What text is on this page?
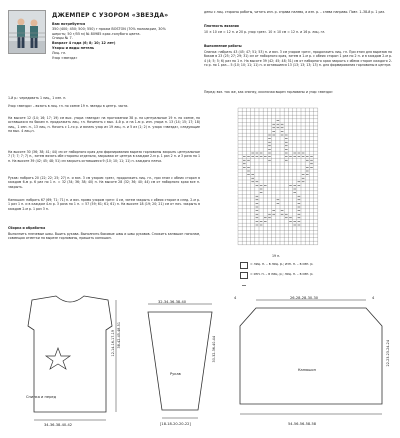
ДЖЕМПЕР С УЗОРОМ «ЗВЕЗДА»
Вам потребуется
350 (400; 450; 500; 550) г пряжи BOSTON (70% полиакрил, 30% шерсть; 50 г/55 м) № 80985 крас-голубого цвета.
Спицы № 7.
Возраст 4 года (6; 8; 10; 12 лет)
Узоры и виды петель
Лиц. гл.
Узор «звезда»
1-й р.: чередовать 1 лиц., 1 изн. п.
Узор «звезда» – вязать в лиц. гл. по схеме 19 п. звезды в центр. части.
На высоте 12 (14; 16; 17; 19) см выс. узора «звезда» на протяжении 38 р. на центральные 19 п. по схеме, на оставшихся по бокам п. продолжать лиц. гл. Начинать с выс. 4-й р. и на 1-м р. изн. узора п. 13 (14; 15; 17; 18) лиц., 1 изн. п., 13 лиц. п. Начать с 1-го р. и вязать узор из 19 лиц. п. и 5 из (1; 2) п. узора «звезда», следующие на выс. 4 лиц.п.
На высоте 30 (36; 38; 41; 44) см от наборного края для формирования выреза горловины закрыть центральные 7 (7; 7; 7; 7) п., затем вязать обе стороны отдельно, закрывая от центра в каждом 2-м р. 1 раз 2 п. и 3 раза по 1 п. На высоте 39 (42; 45; 48; 51) см закрыть оставшиеся 9 (10; 10; 11; 11) п. каждого плеча.
Рукав: набрать 20 (22; 22; 25; 27) п. и вяз. 3 см узором «рез», продолжить лиц. гл., при этом с обеих сторон в каждом 6-м р. 6 раз по 1 п. = 32 (34; 36; 38; 40) п. На высоте 28 (32; 36; 40; 44) см от наборного края все п. закрыть.
Капюшон: набрать 67 (69; 71; 71) п. и вяз. прямо узором «рез» 4 см, затем закрыть с обеих сторон в след. 2-м р. 1 раз 1 п. и в каждом 4-м р. 3 раза по 1 п. = 57 (59; 61; 61; 61) п. На высоте 18 (19; 20; 21) см от нач. закрыть в каждом 2-м р. 1 раз 3 п.
Сборка и обработка
Выполнить плечевые швы. Вшить рукава. Выполнить боковые швы и швы рукавов. Сложить капюшон пополам, совмещая отметки на вырезе горловины, пришить капюшон.
дены с лиц. стороны работы, читать изн. р. справа налево, а изн. р. – слева направо. Повт. 1–38-й р. 1 раз.
Плотность вязания
10 × 10 см = 12 п. и 20 р. узор «рез». 10 × 10 см = 12 п. и 16 р. лиц. гл.
Выполнение работы
Спинка: набрать 43 (45; 47; 51; 53) п. и вяз. 3 см узором «рез», продолжить лиц. гл. При этом для вырезов по бокам в 23 (25; 27; 29; 31) см от наборного края, затем в 1-м р. с обеих сторон 1 раз по 2 п. и в каждом 2-м р. 4 (4; 5; 5; 6) раз по 1 п. На высоте 39 (42; 45; 48; 51) см от наборного края закрыть с обеих сторон каждого 2-го р. по 1 раз... 5 (10; 10; 11; 11) п. и оставшиеся 13 (13; 13; 13; 13) п. для формирования горловины в центре.
Перед: вяз. так же, как спинку, исключая вырез горловины и узор «звезда»
19 п.
= лиц. п. – в лиц. р.; изн. п. – в изн. р.
= изн. п. – в лиц. р.; лиц. п. – в изн. р.
Спинка и перед
34-36-38-40-42
38-42-45-48-51
12-14-16-17-19
32-34-36-38-40
Рукав
[18-18-20-20-22]
30-32-36-40-44
4	26-28-28-30-30	4
Капюшон
22-23-23-24-24
54-56-56-58-58
